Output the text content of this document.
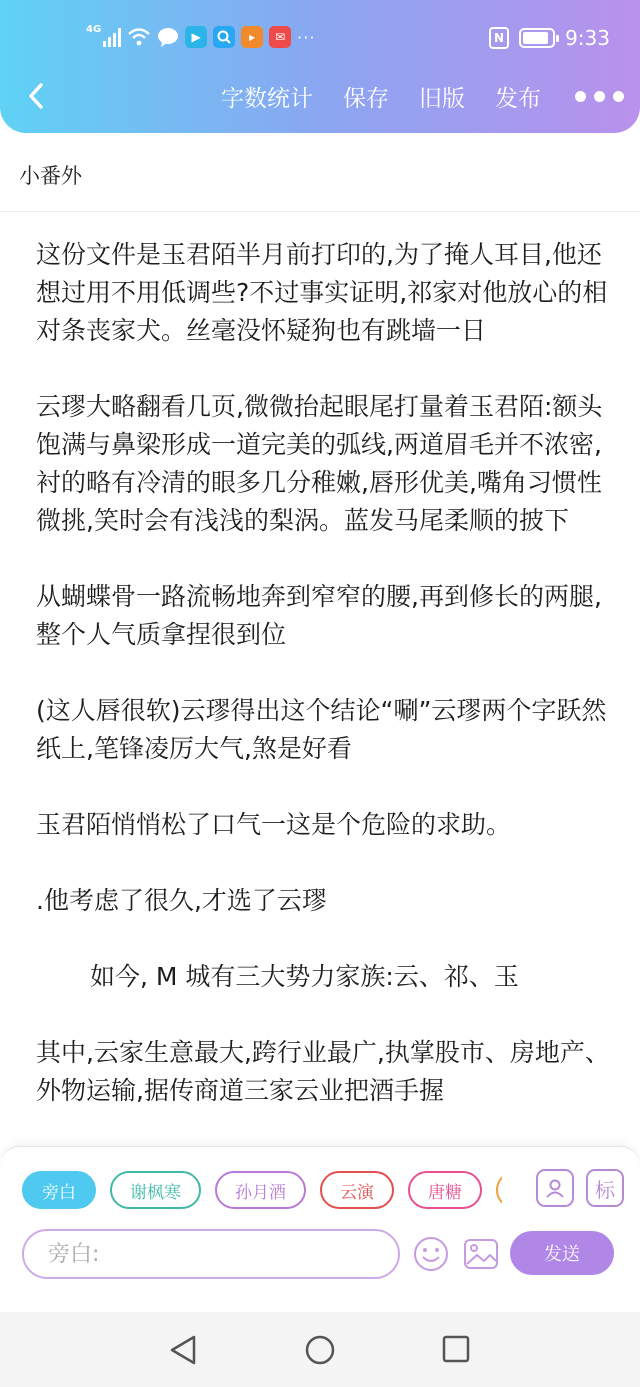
4G
▶	▸	✉ ···	N	9:33
字数统计 保存 旧版 发布
小番外

这份文件是玉君陌半月前打印的,为了掩人耳目,他还想过用不用低调些?不过事实证明,祁家对他放心的相对条丧家犬。丝毫没怀疑狗也有跳墙一日

云璆大略翻看几页,微微抬起眼尾打量着玉君陌:额头饱满与鼻梁形成一道完美的弧线,两道眉毛并不浓密,衬的略有冷清的眼多几分稚嫩,唇形优美,嘴角习惯性微挑,笑时会有浅浅的梨涡。蓝发马尾柔顺的披下

从蝴蝶骨一路流畅地奔到窄窄的腰,再到修长的两腿,整个人气质拿捏很到位

(这人唇很软)云璆得出这个结论“唰”云璆两个字跃然纸上,笔锋凌厉大气,煞是好看

玉君陌悄悄松了口气一这是个危险的求助。

.他考虑了很久,才选了云璆

如今, M 城有三大势力家族:云、祁、玉

其中,云家生意最大,跨行业最广,执掌股市、房地产、外物运输,据传商道三家云业把酒手握

旁白	谢枫寒	孙月酒	云演	唐糖	标
旁白:
发送
